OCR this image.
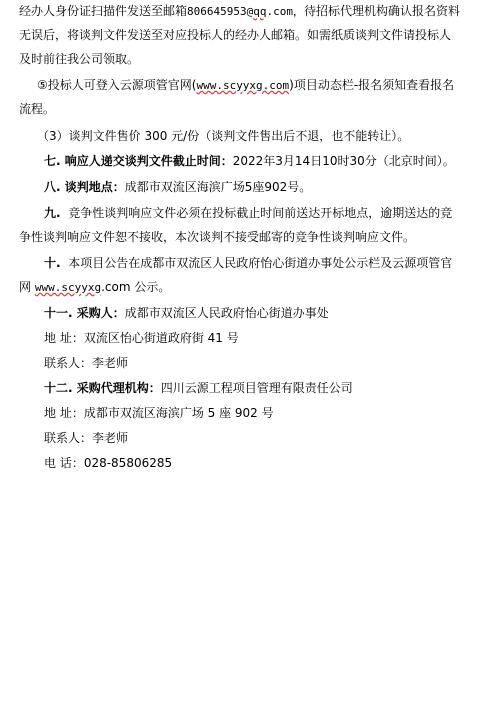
经办人身份证扫描件发送至邮箱806645953@qq.com，待招标代理机构确认报名资料
无误后，将谈判文件发送至对应投标人的经办人邮箱。如需纸质谈判文件请投标人
及时前往我公司领取。
⑤投标人可登入云源项管官网(www.scyyxg.com)项目动态栏-报名须知查看报名
流程。
（3）谈判文件售价 300 元/份（谈判文件售出后不退，也不能转让）。
七. 响应人递交谈判文件截止时间：2022年3月14日10时30分（北京时间）。
八. 谈判地点：成都市双流区海滨广场5座902号。
九. 竞争性谈判响应文件必须在投标截止时间前送达开标地点，逾期送达的竞
争性谈判响应文件恕不接收，本次谈判不接受邮寄的竞争性谈判响应文件。
十. 本项目公告在成都市双流区人民政府怡心街道办事处公示栏及云源项管官
网 www.scyyxg.com 公示。
十一. 采购人：成都市双流区人民政府怡心街道办事处
地 址：双流区怡心街道政府街 41 号
联系人：李老师
十二. 采购代理机构：四川云源工程项目管理有限责任公司
地 址：成都市双流区海滨广场 5 座 902 号
联系人：李老师
电 话：028-85806285
